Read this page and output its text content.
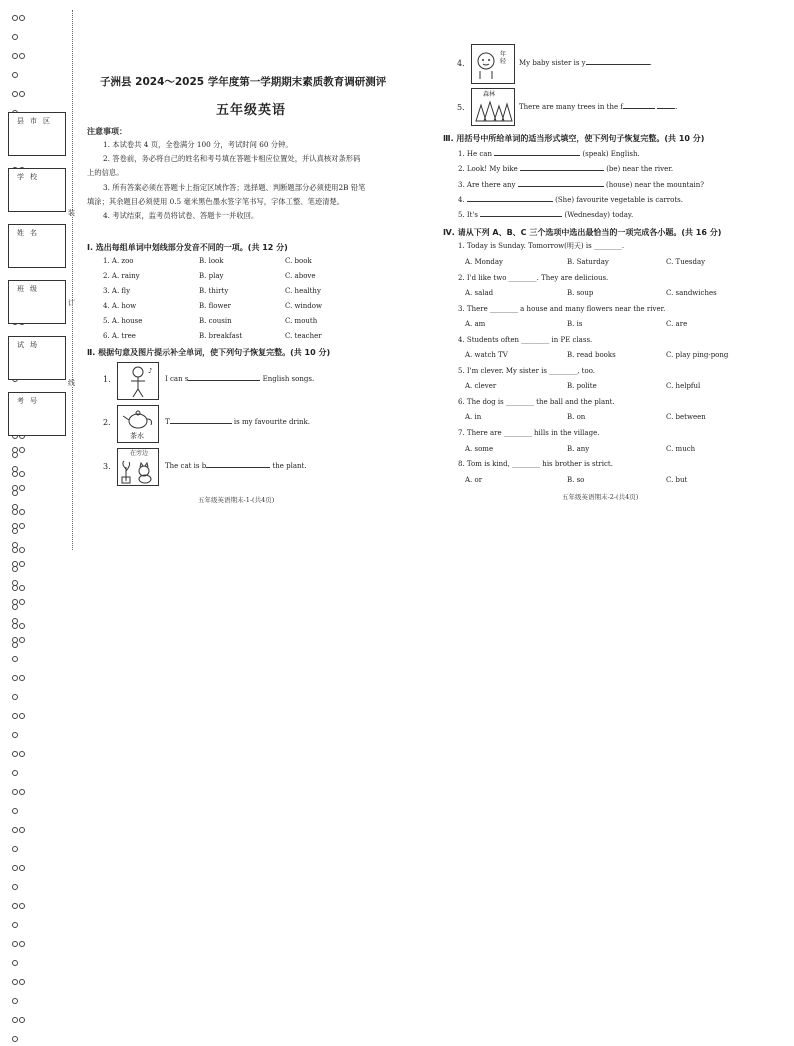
县市区
学校
姓名
班级
试场
考号
装
订
线
子洲县 2024～2025 学年度第一学期期末素质教育调研测评
五年级英语
注意事项：
1. 本试卷共 4 页，全卷满分 100 分，考试时间 60 分钟。
2. 答卷前，务必将自己的姓名和考号填在答题卡相应位置处，并认真核对条形码
上的信息。
3. 所有答案必须在答题卡上指定区域作答；选择题、判断题部分必须使用2B 铅笔
填涂；其余题目必须使用 0.5 毫米黑色墨水签字笔书写，字体工整、笔迹清楚。
4. 考试结束，监考员将试卷、答题卡一并收回。
Ⅰ. 选出每组单词中划线部分发音不同的一项。(共 12 分)
1. A. zoo	B. look	C. book
2. A. rainy	B. play	C. above
3. A. fly	B. thirty	C. healthy
4. A. how	B. flower	C. window
5. A. house	B. cousin	C. mouth
6. A. tree	B. breakfast	C. teacher
Ⅱ. 根据句意及图片提示补全单词，使下列句子恢复完整。(共 10 分)
1.
♪
I can s	English songs.
2.
茶水
T	is my favourite drink.
3.
在旁边
The cat is b	the plant.
五年级英语期末-1-(共4页)
4.
年轻	My baby sister is y	.
5.
森林
There are many trees in the f	.
Ⅲ. 用括号中所给单词的适当形式填空，使下列句子恢复完整。(共 10 分)
1. He can	(speak) English.
2. Look! My bike	(be) near the river.
3. Are there any	(house) near the mountain?
4.	(She) favourite vegetable is carrots.
5. It's	(Wednesday) today.
Ⅳ. 请从下列 A、B、C 三个选项中选出最恰当的一项完成各小题。(共 16 分)
1. Today is Sunday. Tomorrow(明天) is ________.
A. Monday	B. Saturday	C. Tuesday
2. I'd like two ________. They are delicious.
A. salad	B. soup	C. sandwiches
3. There ________ a house and many flowers near the river.
A. am	B. is	C. are
4. Students often ________ in PE class.
A. watch TV	B. read books	C. play ping-pong
5. I'm clever. My sister is ________, too.
A. clever	B. polite	C. helpful
6. The dog is ________ the ball and the plant.
A. in	B. on	C. between
7. There are ________ hills in the village.
A. some	B. any	C. much
8. Tom is kind, ________ his brother is strict.
A. or	B. so	C. but
五年级英语期末-2-(共4页)
